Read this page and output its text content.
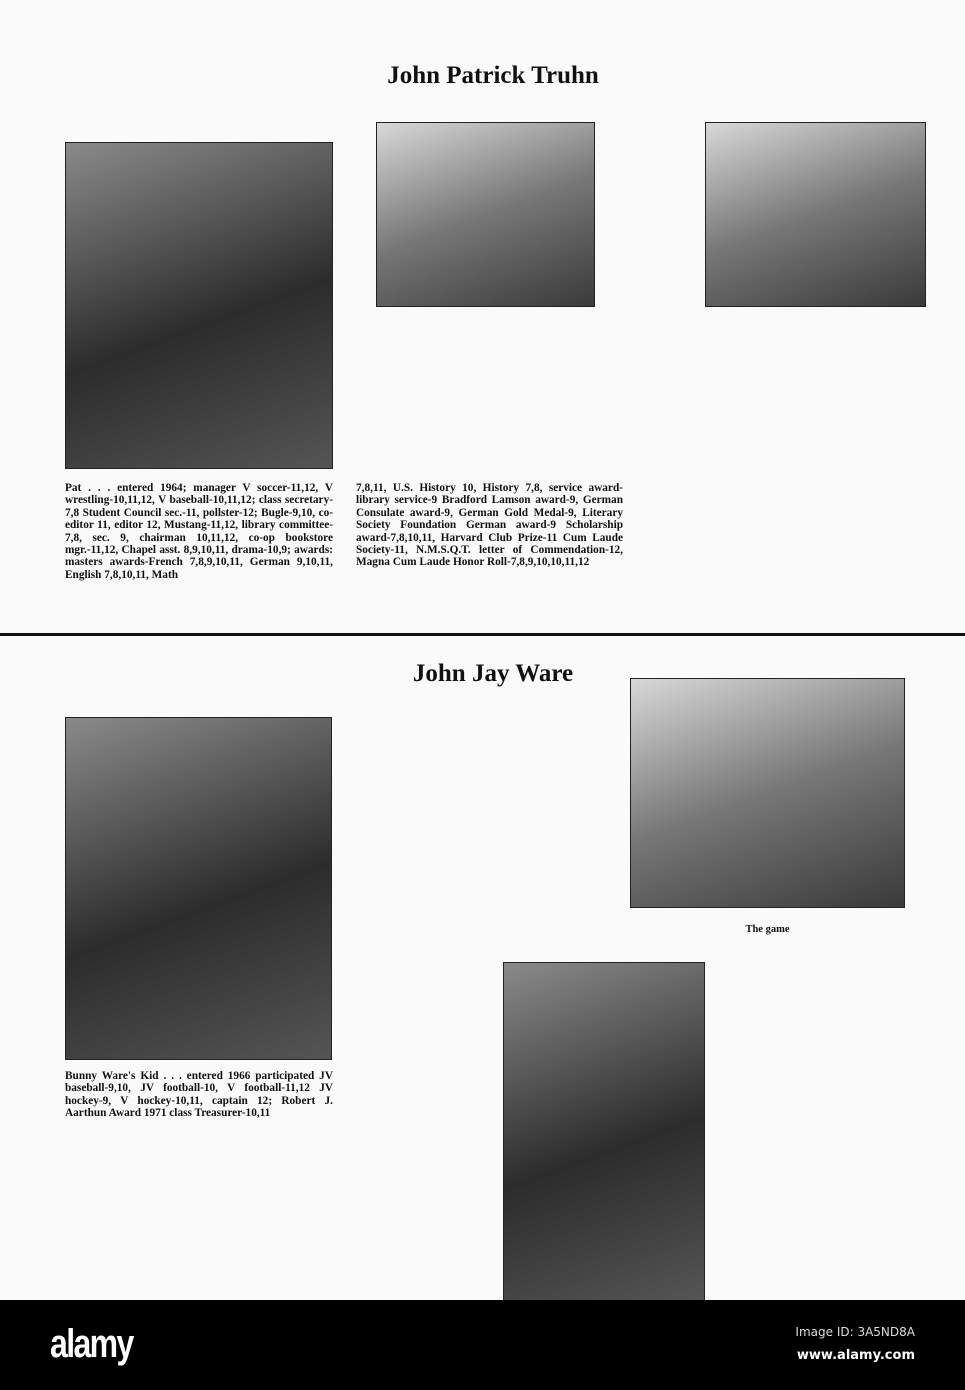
John Patrick Truhn
Pat . . . entered 1964; manager V soccer-11,12, V wrestling-10,11,12, V baseball-10,11,12; class secretary-7,8 Student Council sec.-11, pollster-12; Bugle-9,10, co-editor 11, editor 12, Mustang-11,12, library committee-7,8, sec. 9, chairman 10,11,12, co-op bookstore mgr.-11,12, Chapel asst. 8,9,10,11, drama-10,9; awards: masters awards-French 7,8,9,10,11, German 9,10,11, English 7,8,10,11, Math
7,8,11, U.S. History 10, History 7,8, service award-library service-9 Bradford Lamson award-9, German Consulate award-9, German Gold Medal-9, Literary Society Foundation German award-9 Scholarship award-7,8,10,11, Harvard Club Prize-11 Cum Laude Society-11, N.M.S.Q.T. letter of Commendation-12, Magna Cum Laude Honor Roll-7,8,9,10,10,11,12
John Jay Ware
The game
Bunny Ware's Kid . . . entered 1966 participated JV baseball-9,10, JV football-10, V football-11,12 JV hockey-9, V hockey-10,11, captain 12; Robert J. Aarthun Award 1971 class Treasurer-10,11
alamy	Image ID: 3A5ND8A
www.alamy.com
